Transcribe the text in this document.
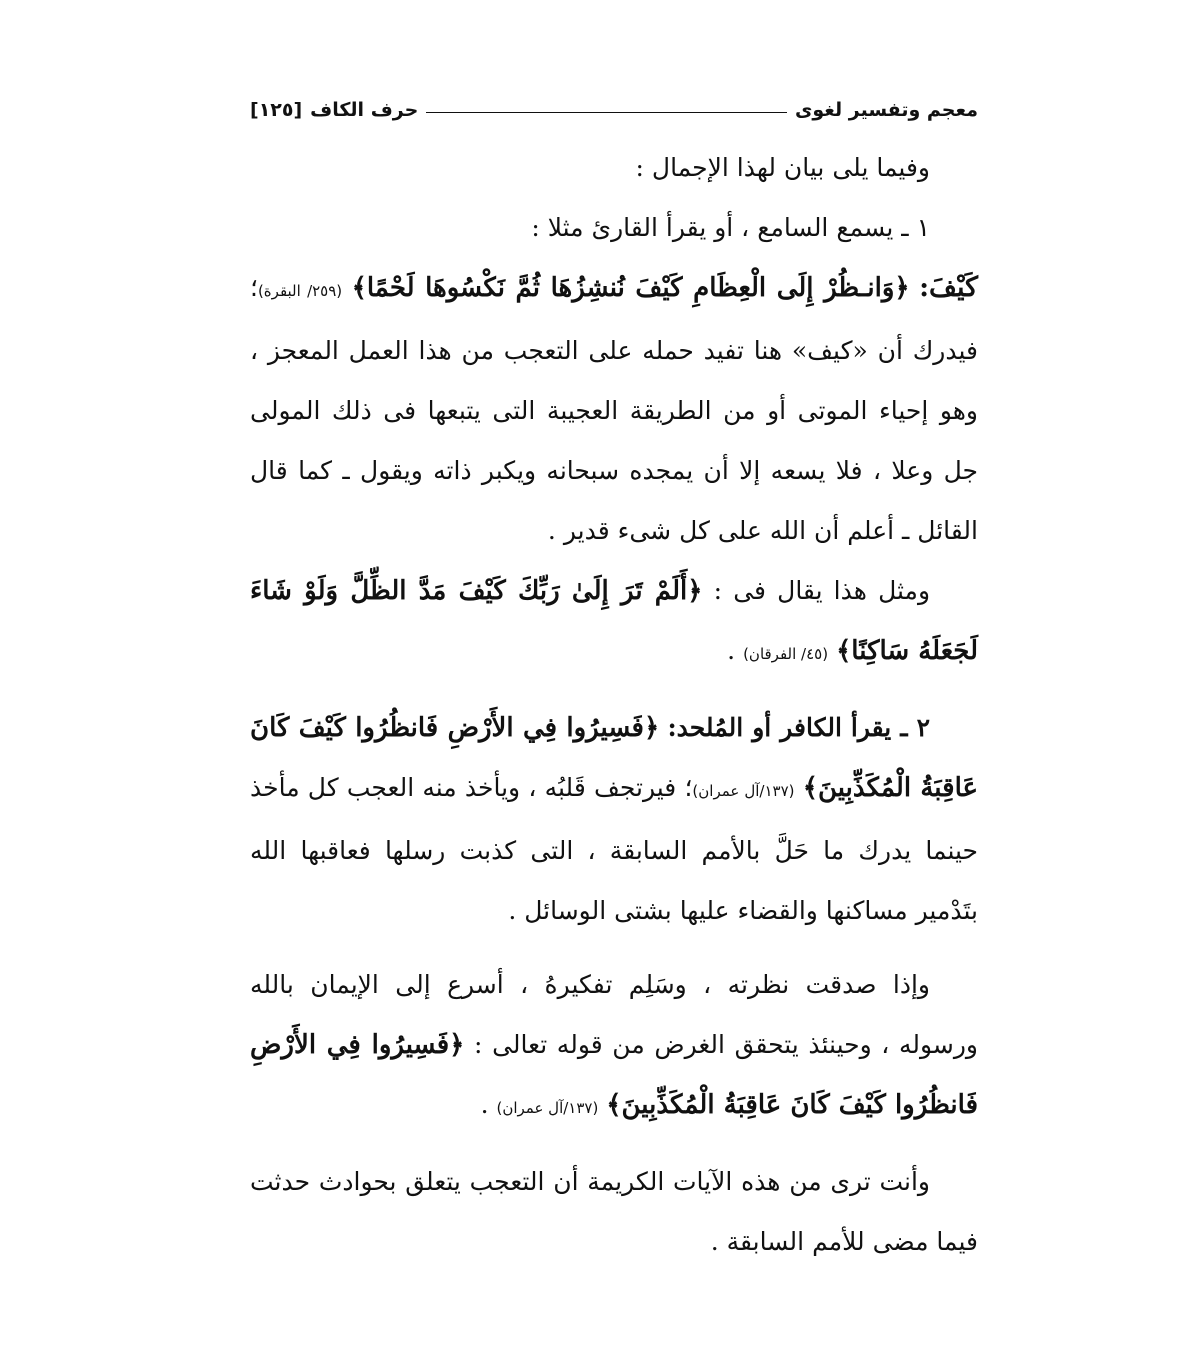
معجم وتفسير لغوى
حرف الكاف
[١٢٥]

وفيما يلى بيان لهذا الإجمال :

١ ـ يسمع السامع ، أو يقرأ القارئ مثلا :

كَيْفَ: ﴿وَانـظُرْ إِلَى الْعِظَامِ كَيْفَ نُنشِزُهَا ثُمَّ نَكْسُوهَا لَحْمًا﴾ (٢٥٩/ البقرة)؛ فيدرك أن «كيف» هنا تفيد حمله على التعجب من هذا العمل المعجز ، وهو إحياء الموتى أو من الطريقة العجيبة التى يتبعها فى ذلك المولى جل وعلا ، فلا يسعه إلا أن يمجده سبحانه ويكبر ذاته ويقول ـ كما قال القائل ـ أعلم أن الله على كل شىء قدير .

ومثل هذا يقال فى : ﴿أَلَمْ تَرَ إِلَىٰ رَبِّكَ كَيْفَ مَدَّ الظِّلَّ وَلَوْ شَاءَ لَجَعَلَهُ سَاكِنًا﴾ (٤٥/ الفرقان) .

٢ ـ يقرأ الكافر أو المُلحد: ﴿فَسِيرُوا فِي الأَرْضِ فَانظُرُوا كَيْفَ كَانَ عَاقِبَةُ الْمُكَذِّبِينَ﴾ (١٣٧/آل عمران)؛ فيرتجف قَلبُه ، ويأخذ منه العجب كل مأخذ حينما يدرك ما حَلَّ بالأمم السابقة ، التى كذبت رسلها فعاقبها الله بتَدْمير مساكنها والقضاء عليها بشتى الوسائل .

وإذا صدقت نظرته ، وسَلِم تفكيرهُ ، أسرع إلى الإيمان بالله ورسوله ، وحينئذ يتحقق الغرض من قوله تعالى : ﴿فَسِيرُوا فِي الأَرْضِ فَانظُرُوا كَيْفَ كَانَ عَاقِبَةُ الْمُكَذِّبِينَ﴾ (١٣٧/آل عمران) .

وأنت ترى من هذه الآيات الكريمة أن التعجب يتعلق بحوادث حدثت فيما مضى للأمم السابقة .
